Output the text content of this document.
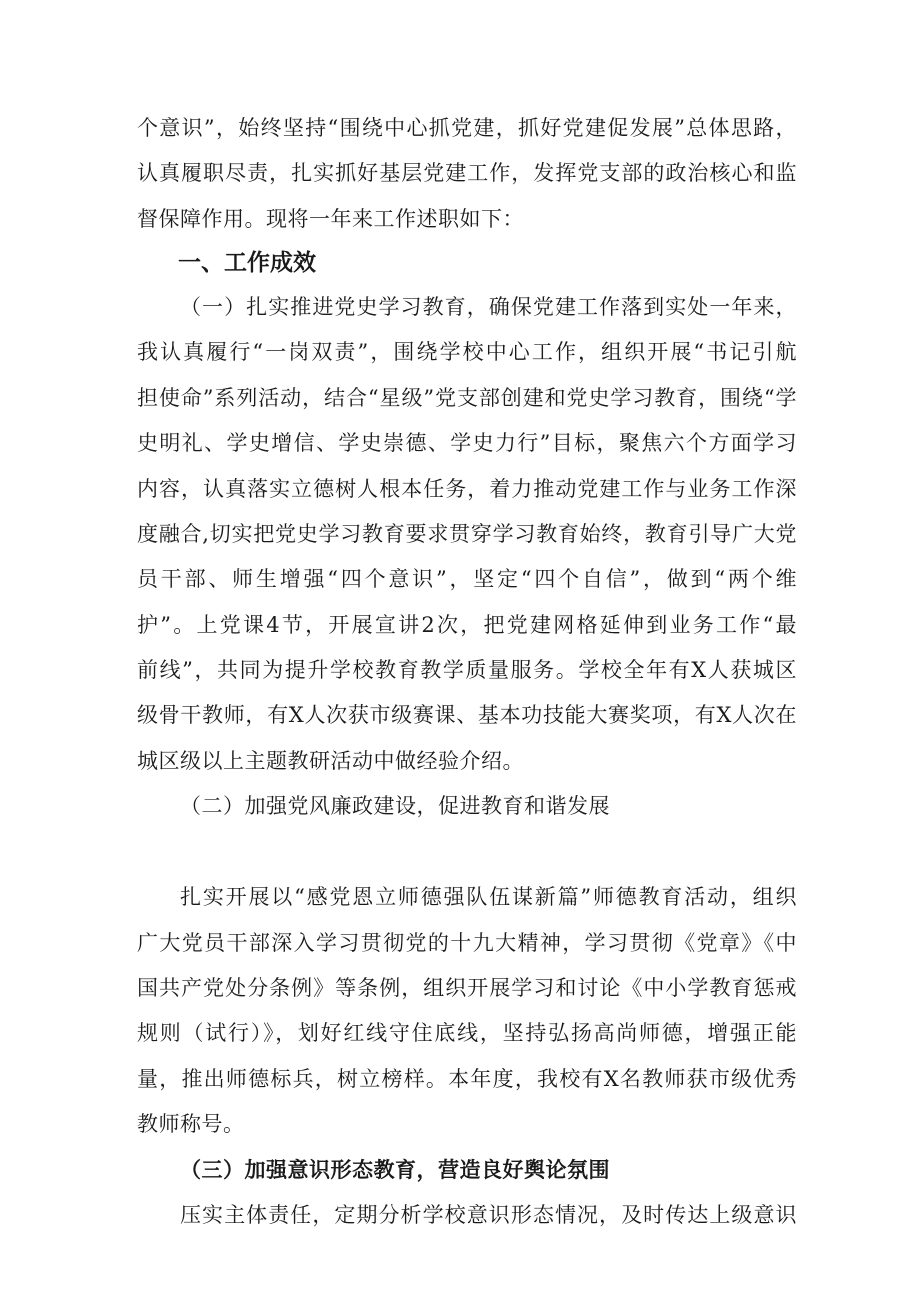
个意识”，始终坚持“围绕中心抓党建，抓好党建促发展”总体思路，
认真履职尽责，扎实抓好基层党建工作，发挥党支部的政治核心和监
督保障作用。现将一年来工作述职如下：
一、工作成效
（一）扎实推进党史学习教育，确保党建工作落到实处一年来，
我认真履行“一岗双责”，围绕学校中心工作，组织开展“书记引航
担使命”系列活动，结合“星级”党支部创建和党史学习教育，围绕“学
史明礼、学史增信、学史崇德、学史力行”目标，聚焦六个方面学习
内容，认真落实立德树人根本任务，着力推动党建工作与业务工作深
度融合,切实把党史学习教育要求贯穿学习教育始终，教育引导广大党
员干部、师生增强“四个意识”，坚定“四个自信”，做到“两个维
护”。上党课4节，开展宣讲2次，把党建网格延伸到业务工作“最
前线”，共同为提升学校教育教学质量服务。学校全年有X人获城区
级骨干教师，有X人次获市级赛课、基本功技能大赛奖项，有X人次在
城区级以上主题教研活动中做经验介绍。
（二）加强党风廉政建设，促进教育和谐发展
扎实开展以“感党恩立师德强队伍谋新篇”师德教育活动，组织
广大党员干部深入学习贯彻党的十九大精神，学习贯彻《党章》《中
国共产党处分条例》等条例，组织开展学习和讨论《中小学教育惩戒
规则（试行）》，划好红线守住底线，坚持弘扬高尚师德，增强正能
量，推出师德标兵，树立榜样。本年度，我校有X名教师获市级优秀
教师称号。
（三）加强意识形态教育，营造良好舆论氛围
压实主体责任，定期分析学校意识形态情况，及时传达上级意识
